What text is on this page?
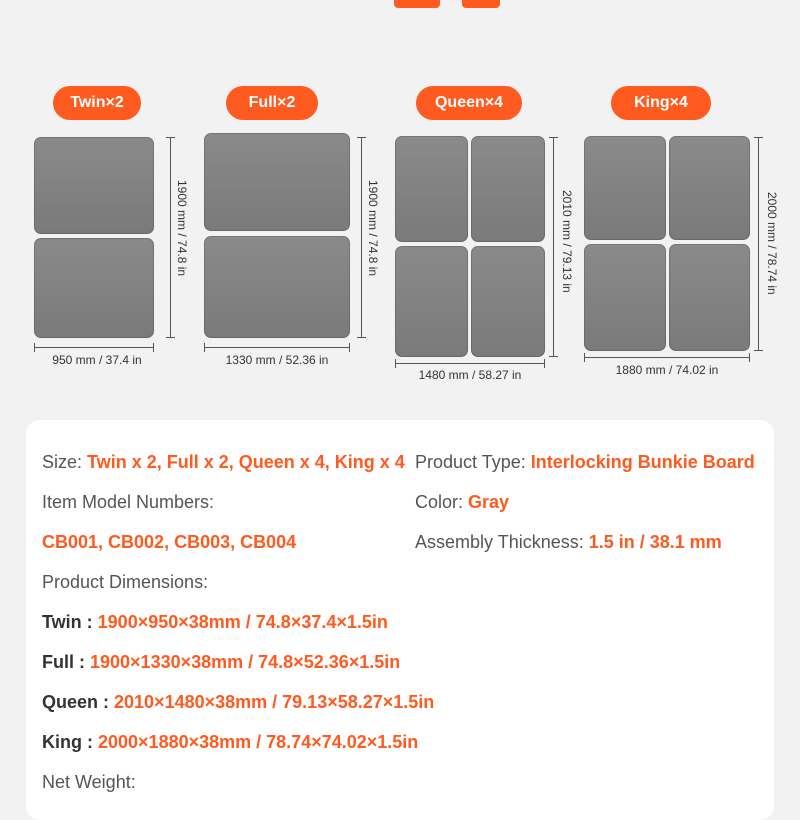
Twin×2	Full×2	Queen×4	King×4
1900 mm / 74.8 in
950 mm / 37.4 in
1900 mm / 74.8 in
1330 mm / 52.36 in
2010 mm / 79.13 in
1480 mm / 58.27 in
2000 mm / 78.74 in
1880 mm / 74.02 in
Size: Twin x 2, Full x 2, Queen x 4, King x 4 Product Type: Interlocking Bunkie Board
Item Model Numbers:	Color: Gray
CB001, CB002, CB003, CB004	Assembly Thickness: 1.5 in / 38.1 mm
Product Dimensions:
Twin : 1900×950×38mm / 74.8×37.4×1.5in
Full : 1900×1330×38mm / 74.8×52.36×1.5in
Queen : 2010×1480×38mm / 79.13×58.27×1.5in
King : 2000×1880×38mm / 78.74×74.02×1.5in
Net Weight:
